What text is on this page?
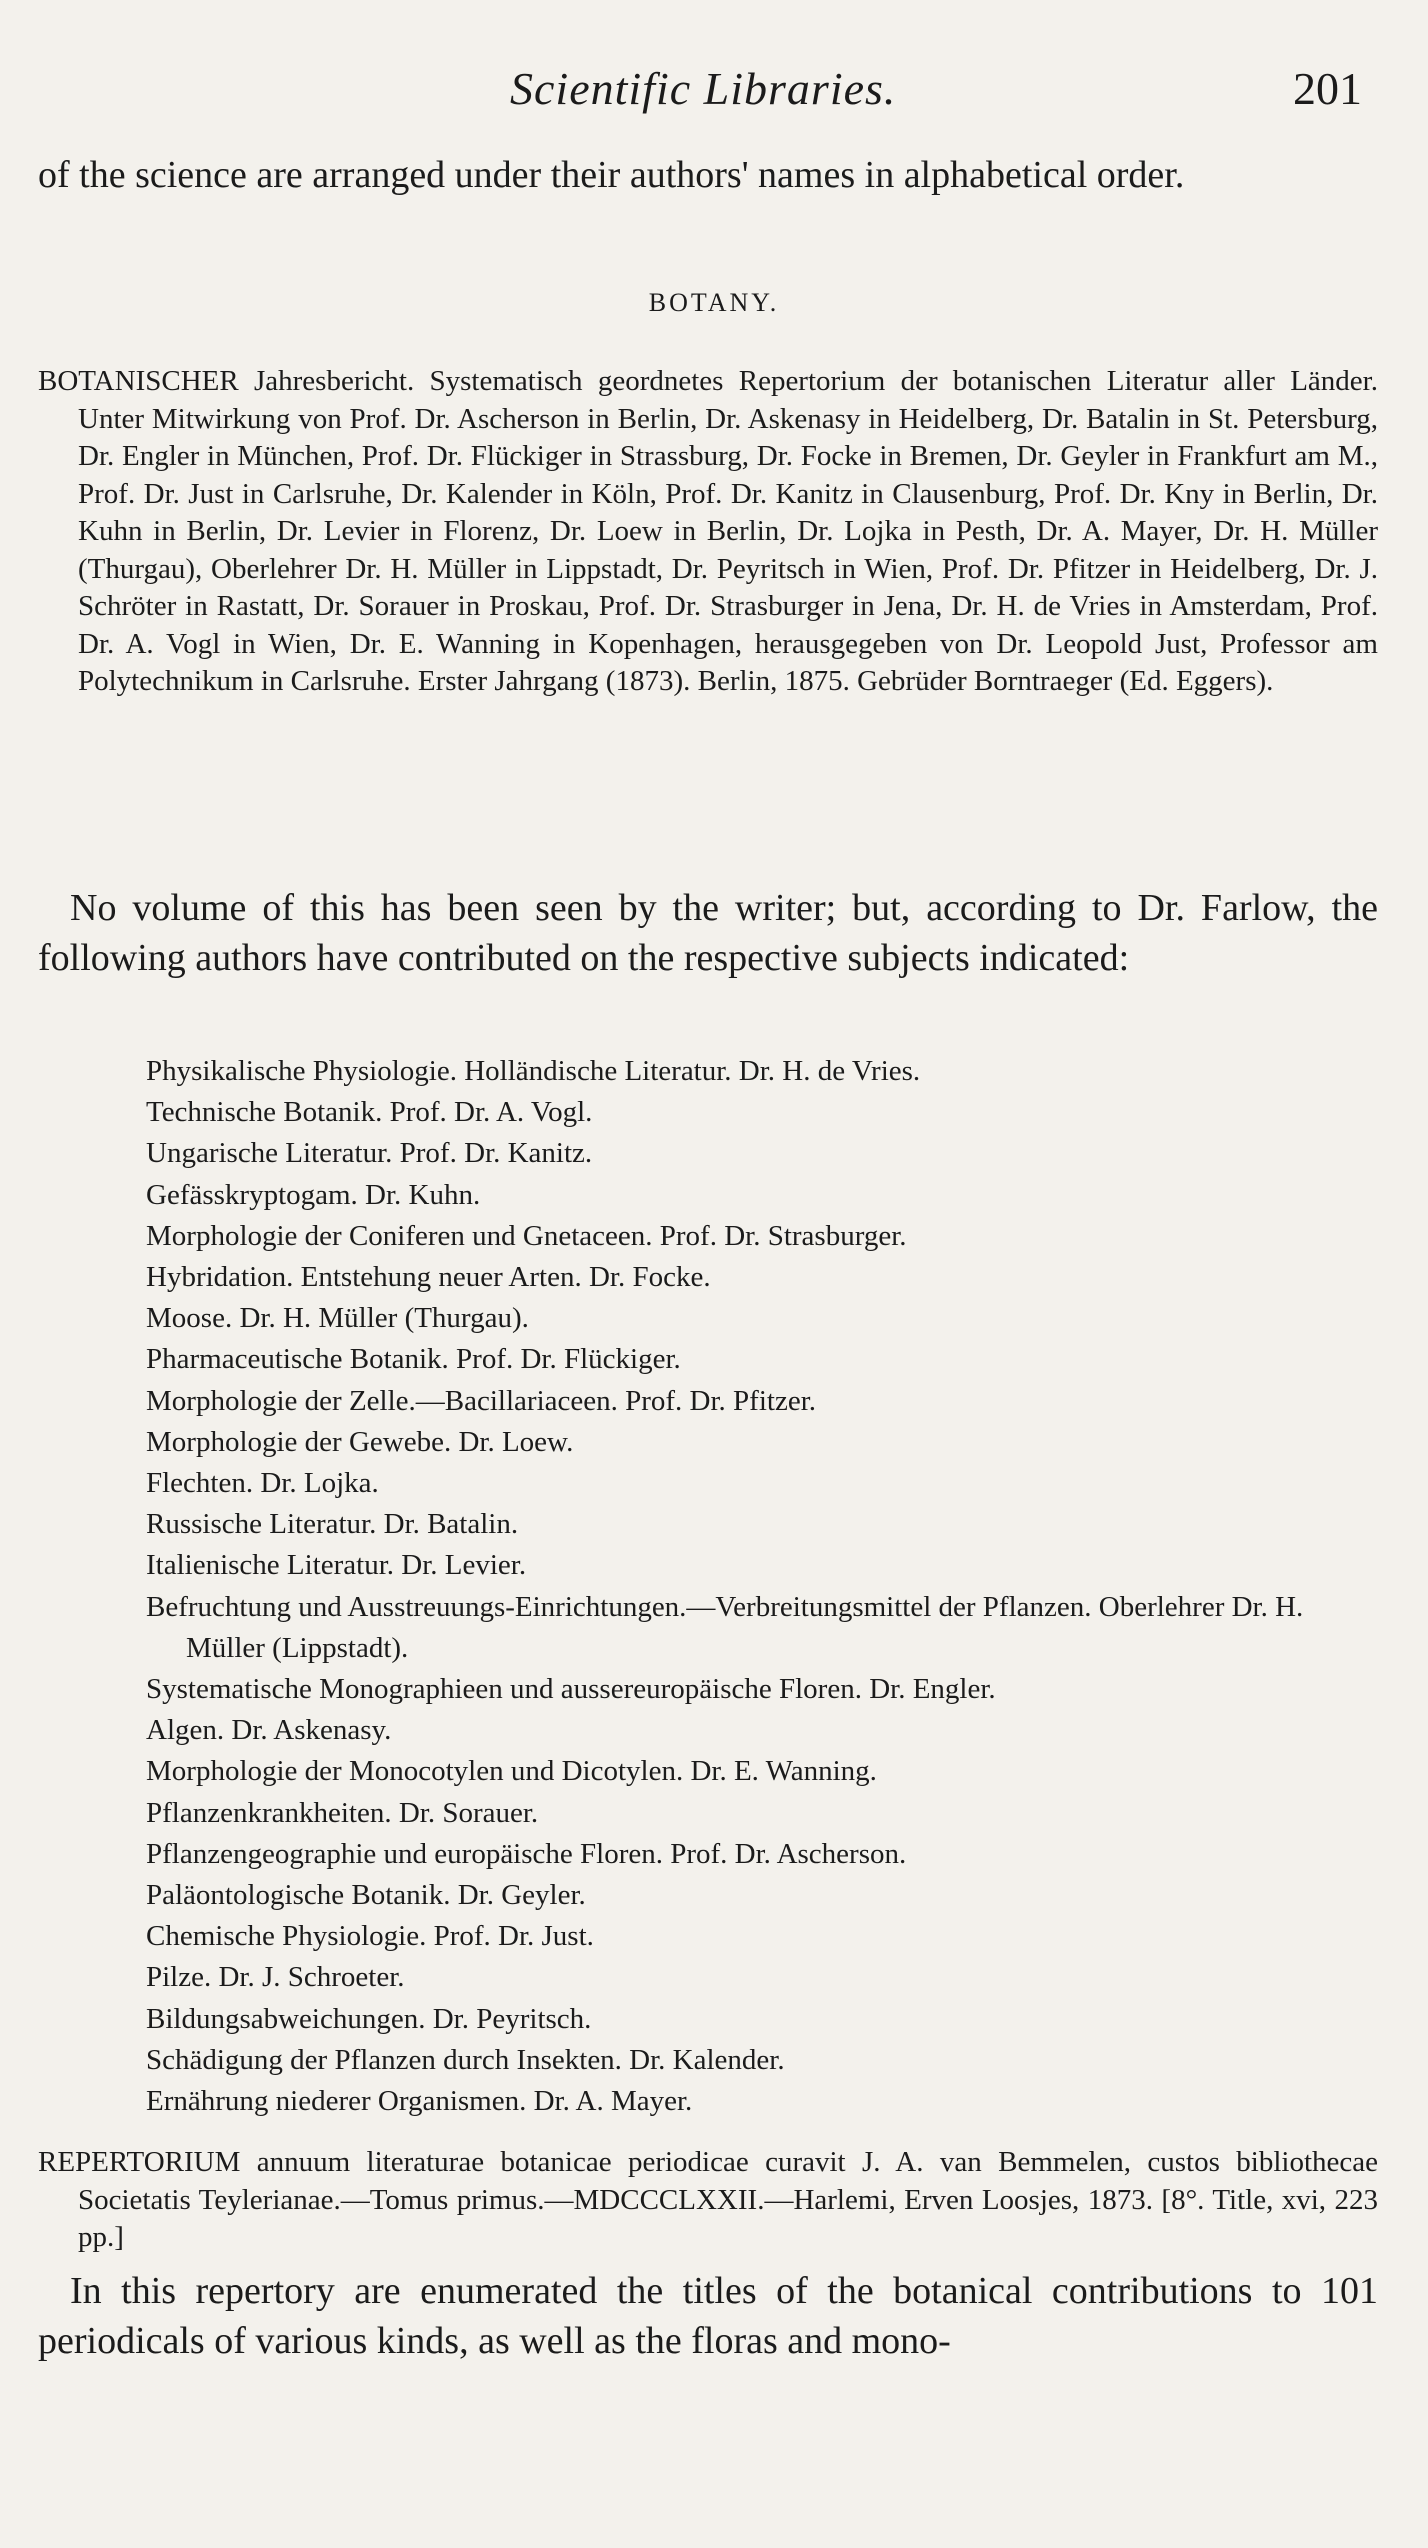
Scientific Libraries.	201

of the science are arranged under their authors' names in alphabetical order.

BOTANY.

BOTANISCHER Jahresbericht. Systematisch geordnetes Repertorium der botanischen Literatur aller Länder. Unter Mitwirkung von Prof. Dr. Ascherson in Berlin, Dr. Askenasy in Heidelberg, Dr. Batalin in St. Petersburg, Dr. Engler in München, Prof. Dr. Flückiger in Strassburg, Dr. Focke in Bremen, Dr. Geyler in Frankfurt am M., Prof. Dr. Just in Carlsruhe, Dr. Kalender in Köln, Prof. Dr. Kanitz in Clausenburg, Prof. Dr. Kny in Berlin, Dr. Kuhn in Berlin, Dr. Levier in Florenz, Dr. Loew in Berlin, Dr. Lojka in Pesth, Dr. A. Mayer, Dr. H. Müller (Thurgau), Oberlehrer Dr. H. Müller in Lippstadt, Dr. Peyritsch in Wien, Prof. Dr. Pfitzer in Heidelberg, Dr. J. Schröter in Rastatt, Dr. Sorauer in Proskau, Prof. Dr. Strasburger in Jena, Dr. H. de Vries in Amsterdam, Prof. Dr. A. Vogl in Wien, Dr. E. Wanning in Kopenhagen, herausgegeben von Dr. Leopold Just, Professor am Polytechnikum in Carlsruhe. Erster Jahrgang (1873). Berlin, 1875. Gebrüder Borntraeger (Ed. Eggers).

No volume of this has been seen by the writer; but, according to Dr. Farlow, the following authors have contributed on the respective subjects indicated:

Physikalische Physiologie. Holländische Literatur. Dr. H. de Vries.
Technische Botanik. Prof. Dr. A. Vogl.
Ungarische Literatur. Prof. Dr. Kanitz.
Gefässkryptogam. Dr. Kuhn.
Morphologie der Coniferen und Gnetaceen. Prof. Dr. Strasburger.
Hybridation. Entstehung neuer Arten. Dr. Focke.
Moose. Dr. H. Müller (Thurgau).
Pharmaceutische Botanik. Prof. Dr. Flückiger.
Morphologie der Zelle.—Bacillariaceen. Prof. Dr. Pfitzer.
Morphologie der Gewebe. Dr. Loew.
Flechten. Dr. Lojka.
Russische Literatur. Dr. Batalin.
Italienische Literatur. Dr. Levier.
Befruchtung und Ausstreuungs-Einrichtungen.—Verbreitungsmittel der Pflanzen. Oberlehrer Dr. H. Müller (Lippstadt).
Systematische Monographieen und aussereuropäische Floren. Dr. Engler.
Algen. Dr. Askenasy.
Morphologie der Monocotylen und Dicotylen. Dr. E. Wanning.
Pflanzenkrankheiten. Dr. Sorauer.
Pflanzengeographie und europäische Floren. Prof. Dr. Ascherson.
Paläontologische Botanik. Dr. Geyler.
Chemische Physiologie. Prof. Dr. Just.
Pilze. Dr. J. Schroeter.
Bildungsabweichungen. Dr. Peyritsch.
Schädigung der Pflanzen durch Insekten. Dr. Kalender.
Ernährung niederer Organismen. Dr. A. Mayer.

REPERTORIUM annuum literaturae botanicae periodicae curavit J. A. van Bemmelen, custos bibliothecae Societatis Teylerianae.—Tomus primus.—MDCCCLXXII.—Harlemi, Erven Loosjes, 1873. [8°. Title, xvi, 223 pp.]

In this repertory are enumerated the titles of the botanical contributions to 101 periodicals of various kinds, as well as the floras and mono-
